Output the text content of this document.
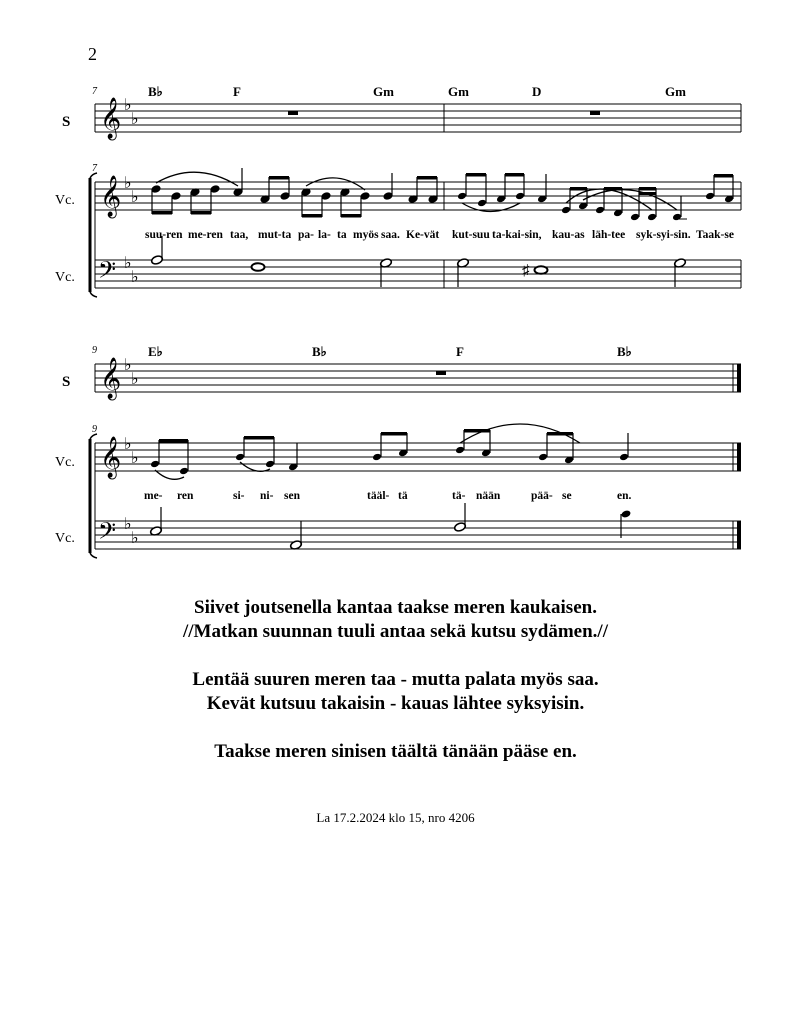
2
7
7
B♭	F	Gm	Gm	D	Gm
S
Vc.
Vc.
𝄞
𝄞
𝄢
♭
♭
♭
♭
♭
♭
suu-ren me-ren taa, mut-ta pa- la- ta myös saa. Ke-vät kut-suu ta-kai-sin, kau-as läh-tee syk-syi-sin. Taak-se
♯
9
9
E♭	B♭	F	B♭
S
Vc.
Vc.
𝄞
𝄞
𝄢
♭
♭
♭
♭
♭
♭
me- ren	si- ni- sen	tääl- tä	tä- nään	pää- se	en.
Siivet joutsenella kantaa taakse meren kaukaisen.
//Matkan suunnan tuuli antaa sekä kutsu sydämen.//
Lentää suuren meren taa - mutta palata myös saa.
Kevät kutsuu takaisin - kauas lähtee syksyisin.
Taakse meren sinisen täältä tänään pääse en.
La 17.2.2024 klo 15, nro 4206
